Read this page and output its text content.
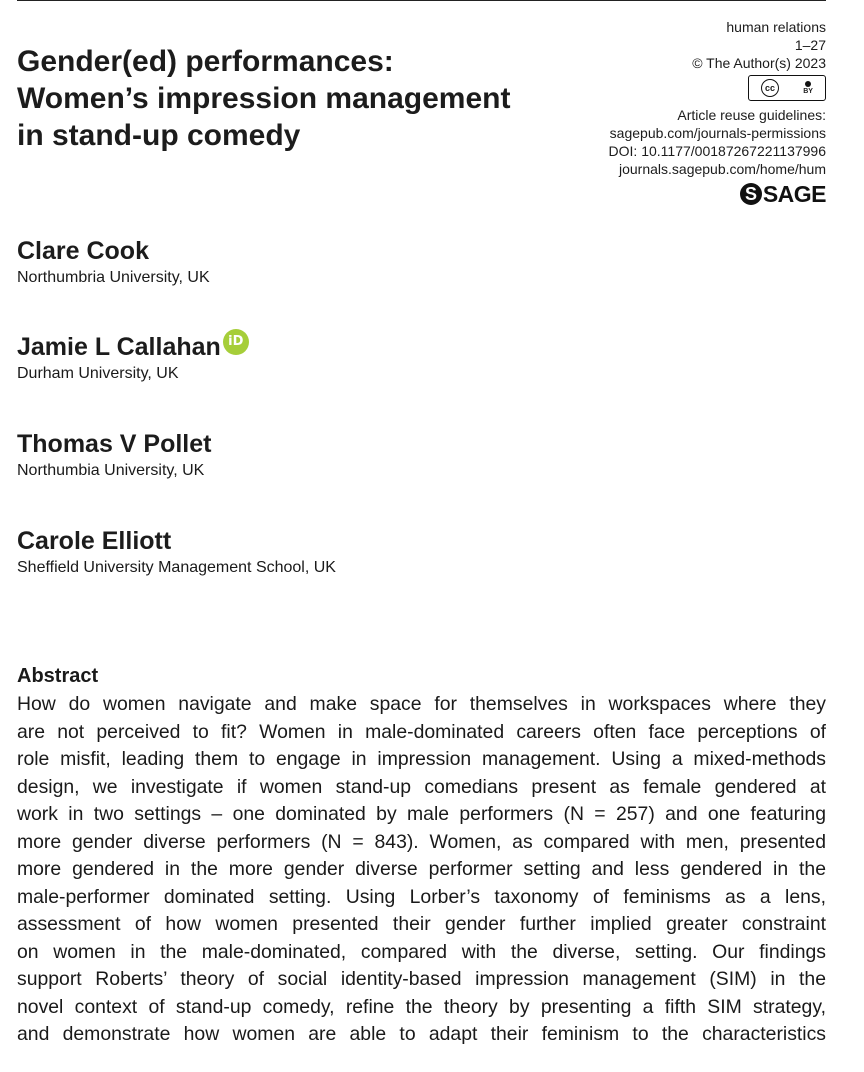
Gender(ed) performances:
Women’s impression management
in stand-up comedy
human relations
1–27
© The Author(s) 2023
cc	BY
Article reuse guidelines:
sagepub.com/journals-permissions
DOI: 10.1177/00187267221137996
journals.sagepub.com/home/hum
S SAGE
Clare Cook
Northumbria University, UK
Jamie L Callahan iD
Durham University, UK
Thomas V Pollet
Northumbia University, UK
Carole Elliott
Sheffield University Management School, UK
Abstract
How do women navigate and make space for themselves in workspaces where they
are not perceived to fit? Women in male-dominated careers often face perceptions of
role misfit, leading them to engage in impression management. Using a mixed-methods
design, we investigate if women stand-up comedians present as female gendered at
work in two settings – one dominated by male performers (N = 257) and one featuring
more gender diverse performers (N = 843). Women, as compared with men, presented
more gendered in the more gender diverse performer setting and less gendered in the
male-performer dominated setting. Using Lorber’s taxonomy of feminisms as a lens,
assessment of how women presented their gender further implied greater constraint
on women in the male-dominated, compared with the diverse, setting. Our findings
support Roberts’ theory of social identity-based impression management (SIM) in the
novel context of stand-up comedy, refine the theory by presenting a fifth SIM strategy,
and demonstrate how women are able to adapt their feminism to the characteristics
